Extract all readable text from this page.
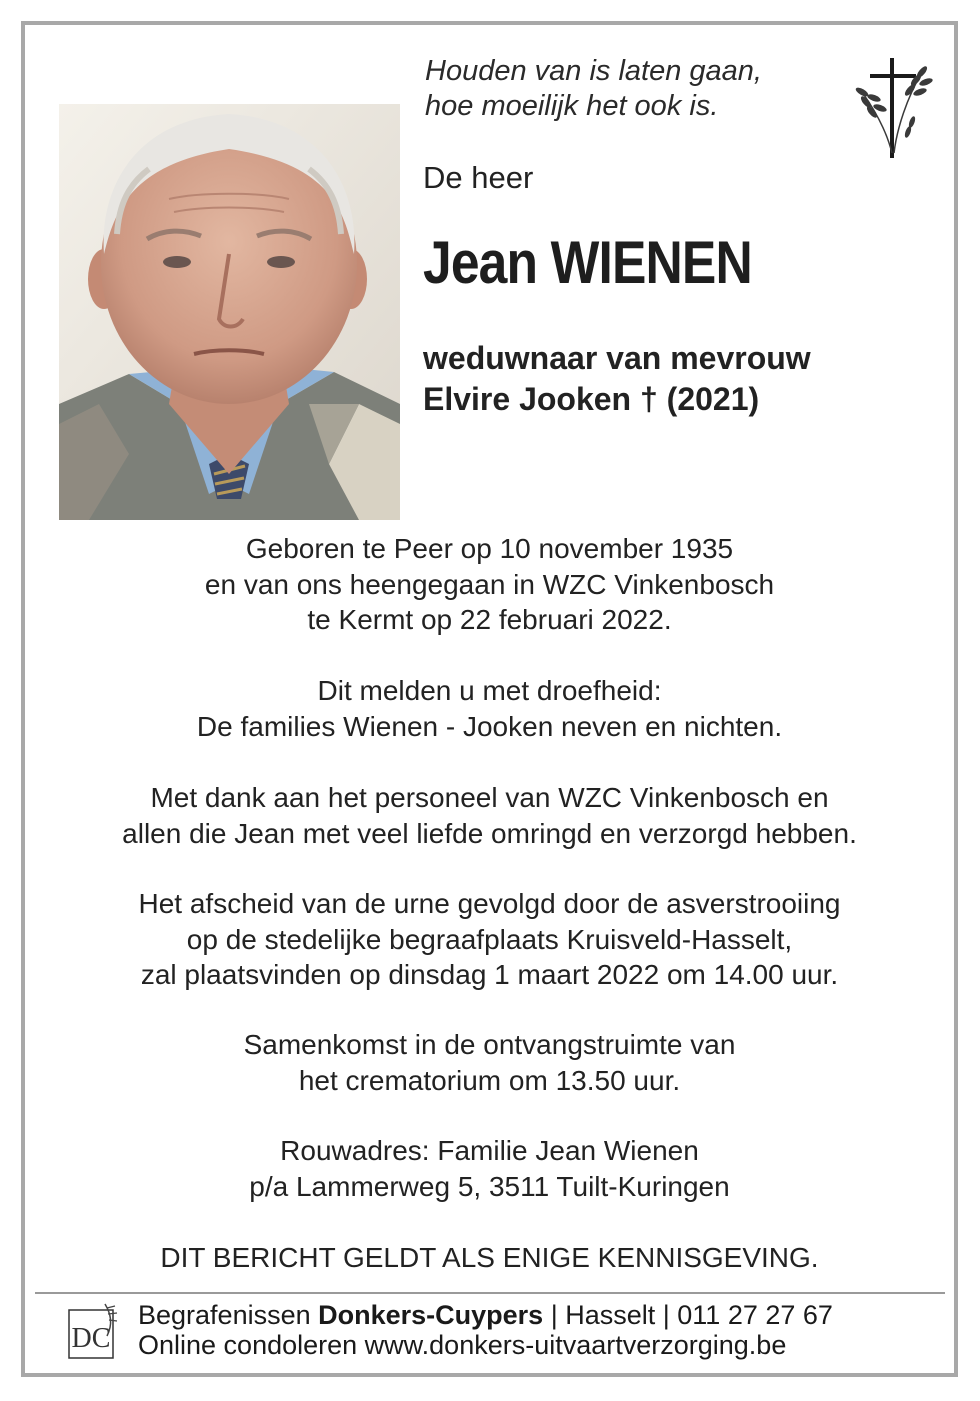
Houden van is laten gaan,
hoe moeilijk het ook is.
De heer
Jean WIENEN
weduwnaar van mevrouw
Elvire Jooken † (2021)
Geboren te Peer op 10 november 1935
en van ons heengegaan in WZC Vinkenbosch
te Kermt op 22 februari 2022.
Dit melden u met droefheid:
De families Wienen - Jooken neven en nichten.
Met dank aan het personeel van WZC Vinkenbosch en
allen die Jean met veel liefde omringd en verzorgd hebben.
Het afscheid van de urne gevolgd door de asverstrooiing
op de stedelijke begraafplaats Kruisveld-Hasselt,
zal plaatsvinden op dinsdag 1 maart 2022 om 14.00 uur.
Samenkomst in de ontvangstruimte van
het crematorium om 13.50 uur.
Rouwadres: Familie Jean Wienen
p/a Lammerweg 5, 3511 Tuilt-Kuringen
DIT BERICHT GELDT ALS ENIGE KENNISGEVING.
DC
Begrafenissen Donkers-Cuypers | Hasselt | 011 27 27 67
Online condoleren www.donkers-uitvaartverzorging.be
